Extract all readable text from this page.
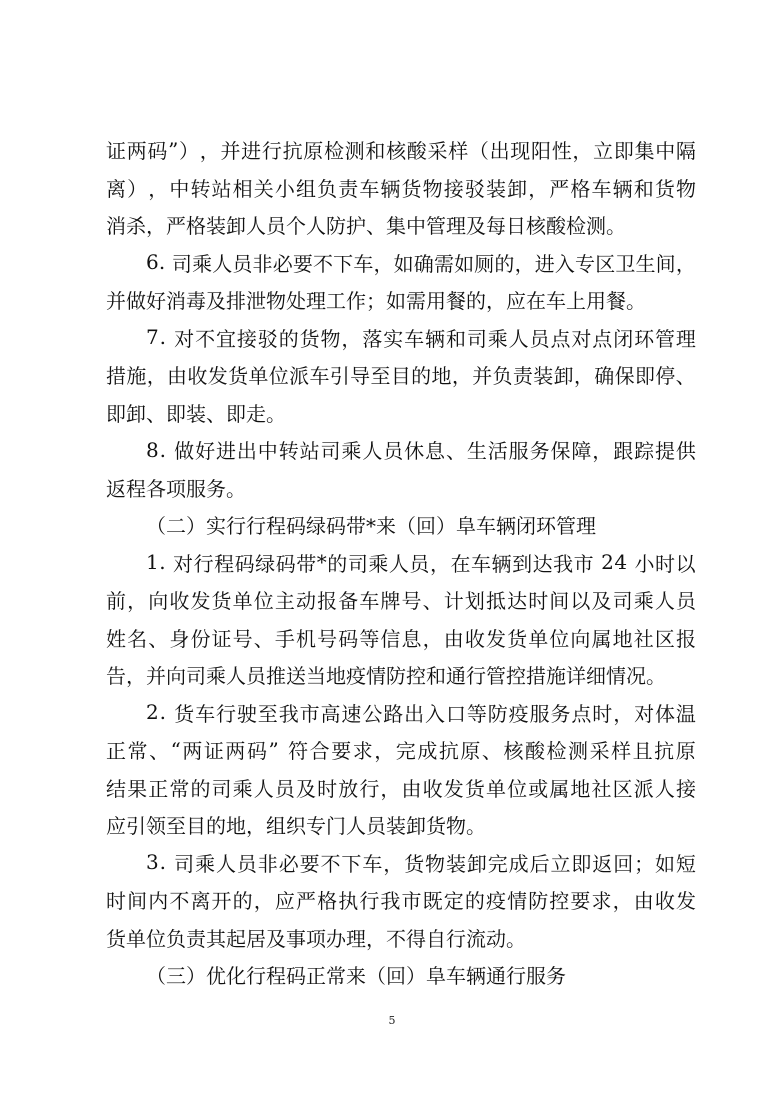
证 两 码 ” ） ， 并 进 行 抗 原 检 测 和 核 酸 采 样 （ 出 现 阳 性 ， 立 即 集 中 隔
离 ） ， 中 转 站 相 关 小 组 负 责 车 辆 货 物 接 驳 装 卸 ， 严 格 车 辆 和 货 物
消杀，严格装卸人员个人防护、集中管理及每日核酸检测。
6 .
司 乘 人 员 非 必 要 不 下 车 ， 如 确 需 如 厕 的 ， 进 入 专 区 卫 生 间 ，
并做好消毒及排泄物处理工作；如需用餐的，应在车上用餐。
7 .
对 不 宜 接 驳 的 货 物 ， 落 实 车 辆 和 司 乘 人 员 点 对 点 闭 环 管 理
措 施 ， 由 收 发 货 单 位 派 车 引 导 至 目 的 地 ， 并 负 责 装 卸 ， 确 保 即 停 、
即卸、即装、即走。
8 .
做 好 进 出 中 转 站 司 乘 人 员 休 息 、 生 活 服 务 保 障 ， 跟 踪 提 供
返程各项服务。
（二）实行行程码绿码带*来（回）阜车辆闭环管理
1 .
对 行 程 码 绿 码 带 * 的 司 乘 人 员 ， 在 车 辆 到 达 我 市
2 4
小 时 以
前 ， 向 收 发 货 单 位 主 动 报 备 车 牌 号 、 计 划 抵 达 时 间 以 及 司 乘 人 员
姓 名 、 身 份 证 号 、 手 机 号 码 等 信 息 ， 由 收 发 货 单 位 向 属 地 社 区 报
告，并向司乘人员推送当地疫情防控和通行管控措施详细情况。
2 .
货 车 行 驶 至 我 市 高 速 公 路 出 入 口 等 防 疫 服 务 点 时 ， 对 体 温
正 常 、 “ 两 证 两 码 ”
符 合 要 求 ， 完 成 抗 原 、 核 酸 检 测 采 样 且 抗 原
结 果 正 常 的 司 乘 人 员 及 时 放 行 ， 由 收 发 货 单 位 或 属 地 社 区 派 人 接
应引领至目的地，组织专门人员装卸货物。
3 .
司 乘 人 员 非 必 要 不 下 车 ， 货 物 装 卸 完 成 后 立 即 返 回 ； 如 短
时 间 内 不 离 开 的 ， 应 严 格 执 行 我 市 既 定 的 疫 情 防 控 要 求 ， 由 收 发
货单位负责其起居及事项办理，不得自行流动。
（三）优化行程码正常来（回）阜车辆通行服务
5
